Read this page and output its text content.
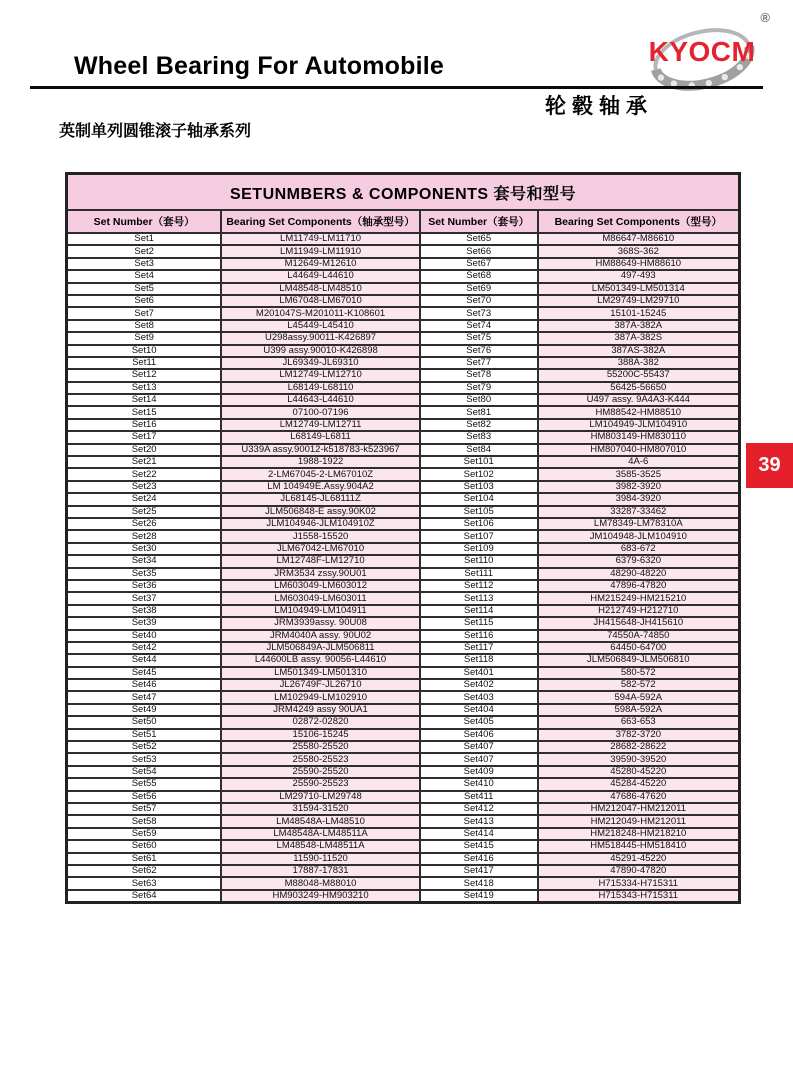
Wheel Bearing For Automobile	KYOCM
®
轮毂轴承
英制单列圆锥滚子轴承系列
SETUNMBERS & COMPONENTS 套号和型号			
Set Number（套号）	Bearing Set Components（轴承型号）	Set Number（套号）	Bearing Set Components（型号）
Set1	LM11749-LM11710	Set65	M86647-M86610
Set2	LM11949-LM11910	Set66	368S-362
Set3	M12649-M12610	Set67	HM88649-HM88610
Set4	L44649-L44610	Set68	497-493
Set5	LM48548-LM48510	Set69	LM501349-LM501314
Set6	LM67048-LM67010	Set70	LM29749-LM29710
Set7	M201047S-M201011-K108601	Set73	15101-15245
Set8	L45449-L45410	Set74	387A-382A
Set9	U298assy.90011-K426897	Set75	387A-382S
Set10	U399 assy.90010-K426898	Set76	387AS-382A
Set11	JL69349-JL69310	Set77	388A-382
Set12	LM12749-LM12710	Set78	55200C-55437
Set13	L68149-L68110	Set79	56425-56650
Set14	L44643-L44610	Set80	U497 assy. 9A4A3-K444
Set15	07100-07196	Set81	HM88542-HM88510
Set16	LM12749-LM12711	Set82	LM104949-JLM104910
Set17	L68149-L6811	Set83	HM803149-HM830110
Set20	U339A assy.90012-k518783-k523967	Set84	HM807040-HM807010
Set21	1988-1922	Set101	4A-6
Set22	2-LM67045-2-LM67010Z	Set102	3585-3525
Set23	LM 104949E.Assy.904A2	Set103	3982-3920
Set24	JL68145-JL68111Z	Set104	3984-3920
Set25	JLM506848-E assy.90K02	Set105	33287-33462
Set26	JLM104946-JLM104910Z	Set106	LM78349-LM78310A
Set28	J1558-15520	Set107	JM104948-JLM104910
Set30	JLM67042-LM67010	Set109	683-672
Set34	LM12748F-LM12710	Set110	6379-6320
Set35	JRM3534 zssy.90U01	Set111	48290-48220
Set36	LM603049-LM603012	Set112	47896-47820
Set37	LM603049-LM603011	Set113	HM215249-HM215210
Set38	LM104949-LM104911	Set114	H212749-H212710
Set39	JRM3939assy. 90U08	Set115	JH415648-JH415610
Set40	JRM4040A assy. 90U02	Set116	74550A-74850
Set42	JLM506849A-JLM506811	Set117	64450-64700
Set44	L44600LB assy. 90056-L44610	Set118	JLM506849-JLM506810
Set45	LM501349-LM501310	Set401	580-572
Set46	JL26749F-JL26710	Set402	582-572
Set47	LM102949-LM102910	Set403	594A-592A
Set49	JRM4249 assy 90UA1	Set404	598A-592A
Set50	02872-02820	Set405	663-653
Set51	15106-15245	Set406	3782-3720
Set52	25580-25520	Set407	28682-28622
Set53	25580-25523	Set407	39590-39520
Set54	25590-25520	Set409	45280-45220
Set55	25590-25523	Set410	45284-45220
Set56	LM29710-LM29748	Set411	47686-47620
Set57	31594-31520	Set412	HM212047-HM212011
Set58	LM48548A-LM48510	Set413	HM212049-HM212011
Set59	LM48548A-LM48511A	Set414	HM218248-HM218210
Set60	LM48548-LM48511A	Set415	HM518445-HM518410
Set61	11590-11520	Set416	45291-45220
Set62	17887-17831	Set417	47890-47820
Set63	M88048-M88010	Set418	H715334-H715311
Set64	HM903249-HM903210	Set419	H715343-H715311
39
